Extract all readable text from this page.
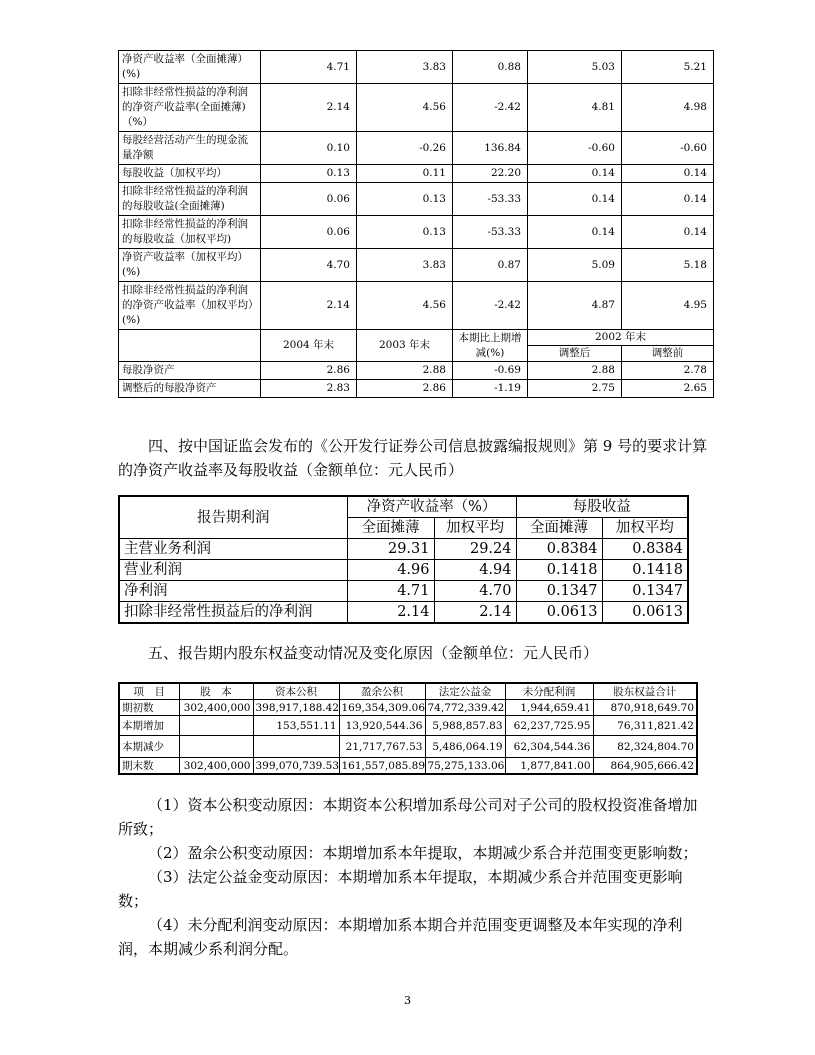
净资产收益率（全面摊薄）(%)	4.71	3.83	0.88	5.03	5.21
扣除非经常性损益的净利润的净资产收益率(全面摊薄)（%）	2.14	4.56	-2.42	4.81	4.98
每股经营活动产生的现金流量净额	0.10	-0.26	136.84	-0.60	-0.60
每股收益（加权平均）	0.13	0.11	22.20	0.14	0.14
扣除非经常性损益的净利润的每股收益(全面摊薄)	0.06	0.13	-53.33	0.14	0.14
扣除非经常性损益的净利润的每股收益（加权平均)	0.06	0.13	-53.33	0.14	0.14
净资产收益率（加权平均）(%)	4.70	3.83	0.87	5.09	5.18
扣除非经常性损益的净利润的净资产收益率（加权平均）(%)	2.14	4.56	-2.42	4.87	4.95
	2004 年末	2003 年末	本期比上期增减(%)	2002 年末	
				调整后	调整前
每股净资产	2.86	2.88	-0.69	2.88	2.78
调整后的每股净资产	2.83	2.86	-1.19	2.75	2.65
四、按中国证监会发布的《公开发行证券公司信息披露编报规则》第 9 号的要求计算的净资产收益率及每股收益（金额单位：元人民币）
报告期利润	净资产收益率（%）		每股收益	
	全面摊薄	加权平均	全面摊薄	加权平均
主营业务利润	29.31	29.24	0.8384	0.8384
营业利润	4.96	4.94	0.1418	0.1418
净利润	4.71	4.70	0.1347	0.1347
扣除非经常性损益后的净利润	2.14	2.14	0.0613	0.0613
五、报告期内股东权益变动情况及变化原因（金额单位：元人民币）
项　目	股　本	资本公积	盈余公积	法定公益金	未分配利润	股东权益合计
期初数	302,400,000	398,917,188.42	169,354,309.06	74,772,339.42	1,944,659.41	870,918,649.70
本期增加		153,551.11	13,920,544.36	5,988,857.83	62,237,725.95	76,311,821.42
本期减少			21,717,767.53	5,486,064.19	62,304,544.36	82,324,804.70
期末数	302,400,000	399,070,739.53	161,557,085.89	75,275,133.06	1,877,841.00	864,905,666.42

（1）资本公积变动原因：本期资本公积增加系母公司对子公司的股权投资准备增加所致；

（2）盈余公积变动原因：本期增加系本年提取，本期减少系合并范围变更影响数；

（3）法定公益金变动原因：本期增加系本年提取，本期减少系合并范围变更影响数；

（4）未分配利润变动原因：本期增加系本期合并范围变更调整及本年实现的净利润，本期减少系利润分配。

3
